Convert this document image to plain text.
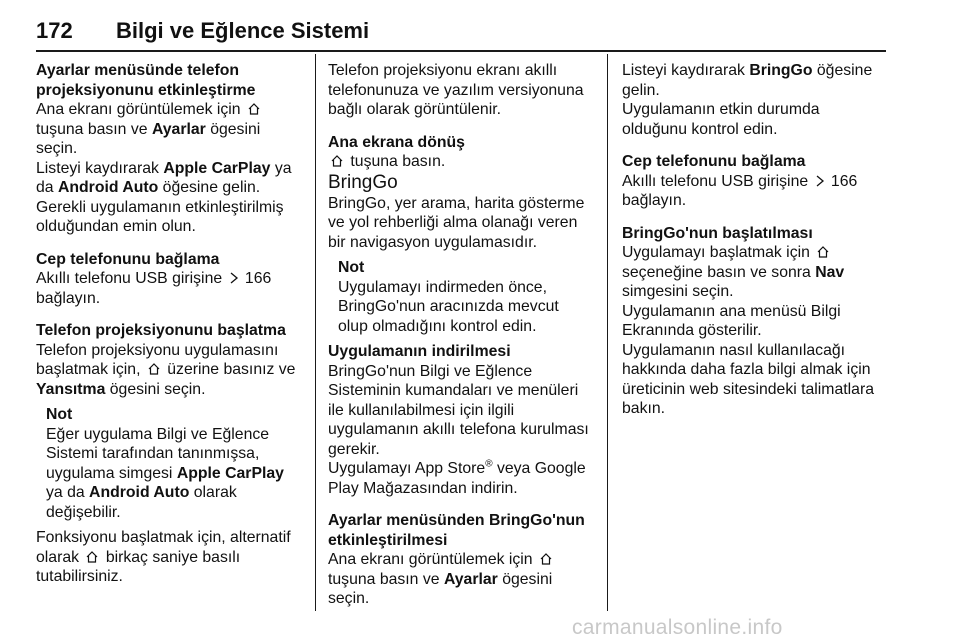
172 Bilgi ve Eğlence Sistemi
Ayarlar menüsünde telefon projeksiyonunu etkinleştirme

Ana ekranı görüntülemek için  tuşuna basın ve Ayarlar ögesini seçin.

Listeyi kaydırarak Apple CarPlay ya da Android Auto öğesine gelin.

Gerekli uygulamanın etkinleştirilmiş olduğundan emin olun.

Cep telefonunu bağlama

Akıllı telefonu USB girişine 166 bağlayın.

Telefon projeksiyonunu başlatma

Telefon projeksiyonu uygulamasını başlatmak için, üzerine basınız ve Yansıtma ögesini seçin.

Not
Eğer uygulama Bilgi ve Eğlence Sistemi tarafından tanınmışsa, uygulama simgesi Apple CarPlay ya da Android Auto olarak değişebilir.

Fonksiyonu başlatmak için, alternatif olarak birkaç saniye basılı tutabilirsiniz.

Telefon projeksiyonu ekranı akıllı telefonunuza ve yazılım versiyonuna bağlı olarak görüntülenir.

Ana ekrana dönüş

tuşuna basın.

BringGo

BringGo, yer arama, harita gösterme ve yol rehberliği alma olanağı veren bir navigasyon uygulamasıdır.

Not
Uygulamayı indirmeden önce, BringGo'nun aracınızda mevcut olup olmadığını kontrol edin.
Uygulamanın indirilmesi

BringGo'nun Bilgi ve Eğlence Sisteminin kumandaları ve menüleri ile kullanılabilmesi için ilgili uygulamanın akıllı telefona kurulması gerekir.

Uygulamayı App Store® veya Google Play Mağazasından indirin.

Ayarlar menüsünden BringGo'nun etkinleştirilmesi

Ana ekranı görüntülemek için  tuşuna basın ve Ayarlar ögesini seçin.

Listeyi kaydırarak BringGo öğesine gelin.

Uygulamanın etkin durumda olduğunu kontrol edin.

Cep telefonunu bağlama

Akıllı telefonu USB girişine 166 bağlayın.

BringGo'nun başlatılması

Uygulamayı başlatmak için  seçeneğine basın ve sonra Nav simgesini seçin.

Uygulamanın ana menüsü Bilgi Ekranında gösterilir.

Uygulamanın nasıl kullanılacağı hakkında daha fazla bilgi almak için üreticinin web sitesindeki talimatlara bakın.

carmanualsonline.info
